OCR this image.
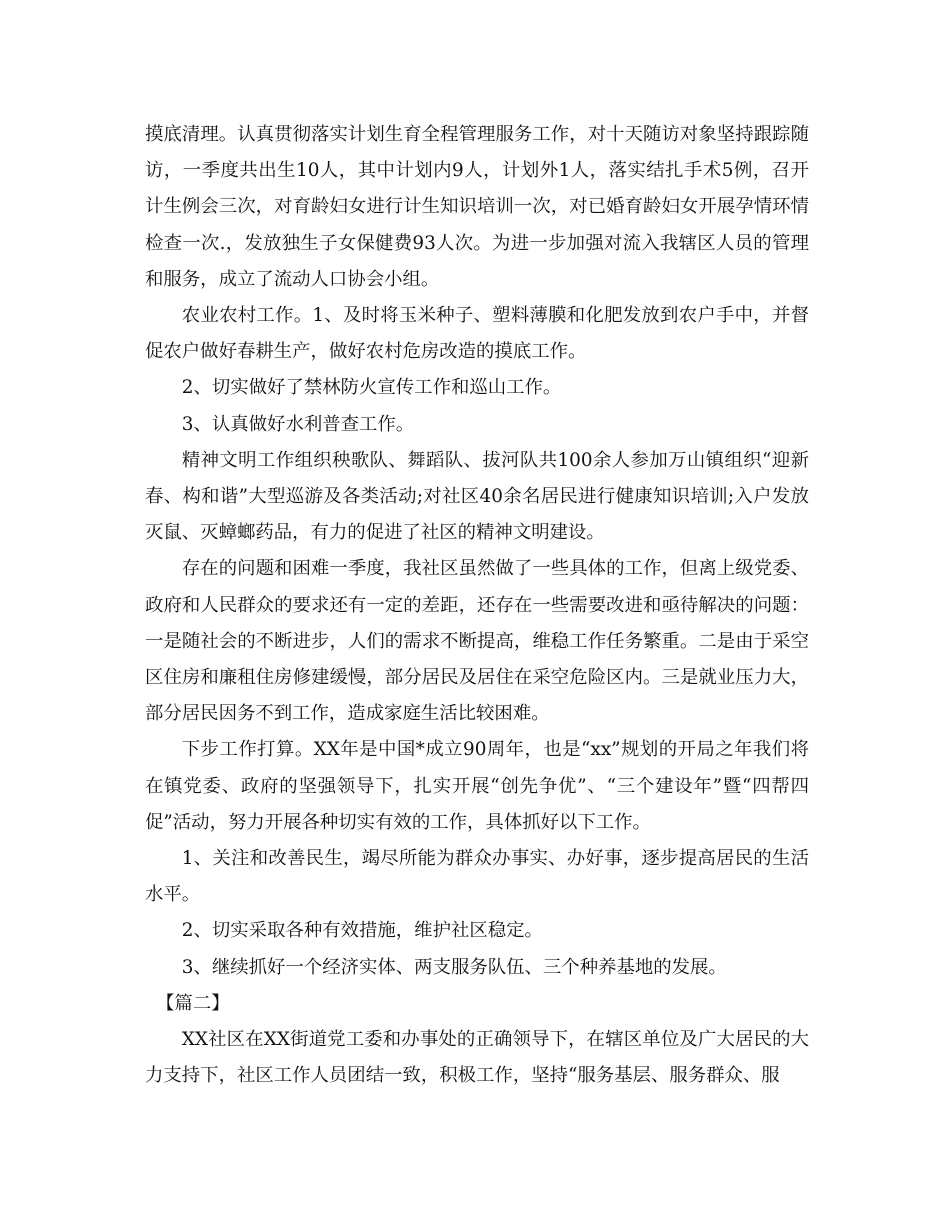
摸底清理。认真贯彻落实计划生育全程管理服务工作，对十天随访对象坚持跟踪随访，一季度共出生10人，其中计划内9人，计划外1人，落实结扎手术5例，召开计生例会三次，对育龄妇女进行计生知识培训一次，对已婚育龄妇女开展孕情环情检查一次.，发放独生子女保健费93人次。为进一步加强对流入我辖区人员的管理和服务，成立了流动人口协会小组。

农业农村工作。1、及时将玉米种子、塑料薄膜和化肥发放到农户手中，并督促农户做好春耕生产，做好农村危房改造的摸底工作。

2、切实做好了禁林防火宣传工作和巡山工作。

3、认真做好水利普查工作。

精神文明工作组织秧歌队、舞蹈队、拔河队共100余人参加万山镇组织“迎新春、构和谐”大型巡游及各类活动;对社区40余名居民进行健康知识培训;入户发放灭鼠、灭蟑螂药品，有力的促进了社区的精神文明建设。

存在的问题和困难一季度，我社区虽然做了一些具体的工作，但离上级党委、政府和人民群众的要求还有一定的差距，还存在一些需要改进和亟待解决的问题：一是随社会的不断进步，人们的需求不断提高，维稳工作任务繁重。二是由于采空区住房和廉租住房修建缓慢，部分居民及居住在采空危险区内。三是就业压力大，部分居民因务不到工作，造成家庭生活比较困难。

下步工作打算。XX年是中国*成立90周年，也是“xx”规划的开局之年我们将在镇党委、政府的坚强领导下，扎实开展“创先争优”、“三个建设年”暨“四帮四促”活动，努力开展各种切实有效的工作，具体抓好以下工作。

1、关注和改善民生，竭尽所能为群众办事实、办好事，逐步提高居民的生活水平。

2、切实采取各种有效措施，维护社区稳定。

3、继续抓好一个经济实体、两支服务队伍、三个种养基地的发展。

【篇二】

XX社区在XX街道党工委和办事处的正确领导下，在辖区单位及广大居民的大力支持下，社区工作人员团结一致，积极工作，坚持“服务基层、服务群众、服
